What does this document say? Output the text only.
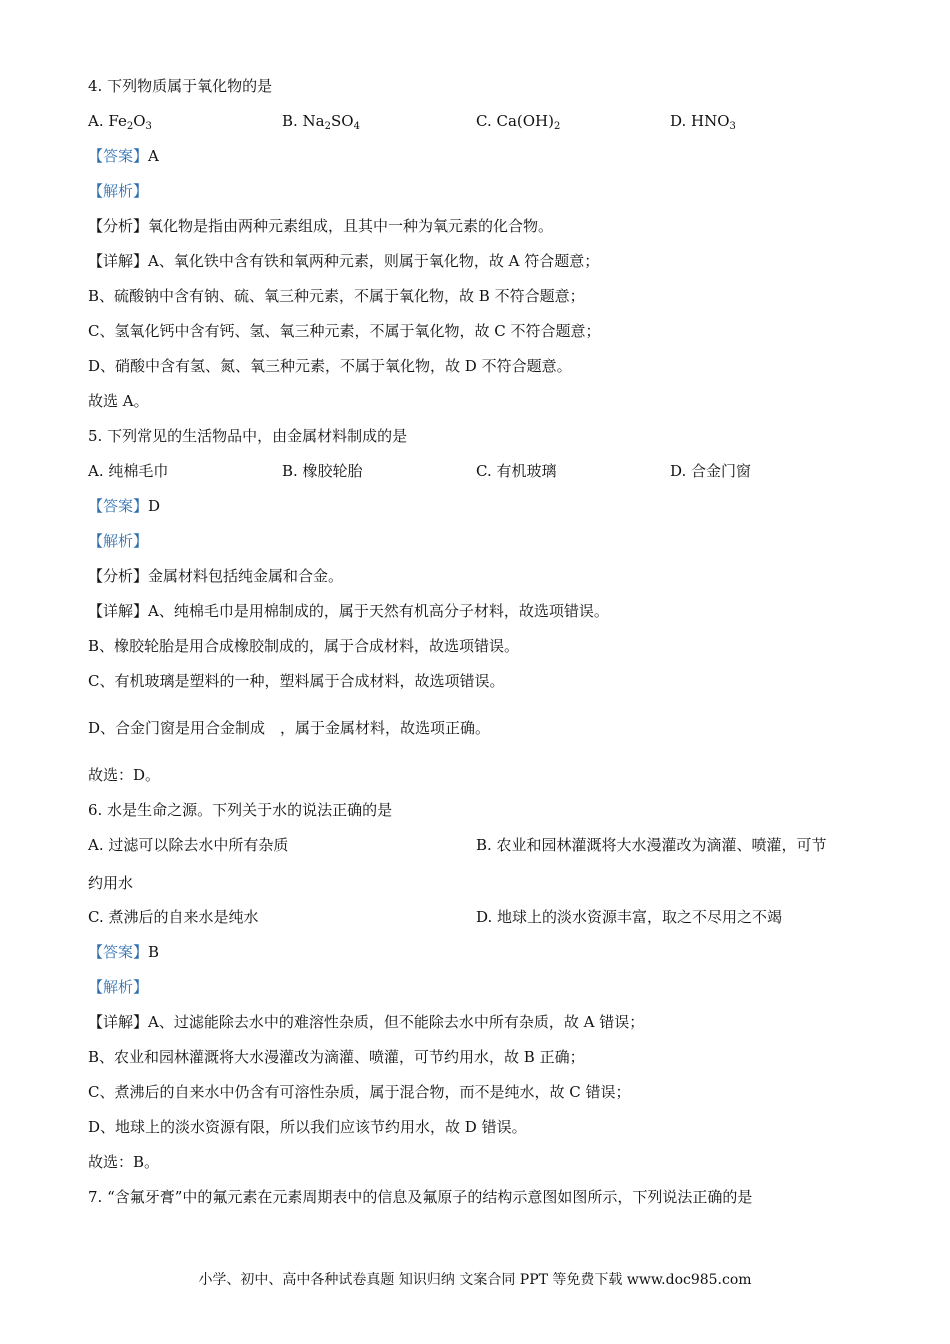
4. 下列物质属于氧化物的是
A. $Fe_2O_3$	B. $Na_2SO_4$	C. $Ca(OH)_2$	D. $HNO_3$
【答案】A
【解析】
【分析】氧化物是指由两种元素组成，且其中一种为氧元素的化合物。
【详解】A、氧化铁中含有铁和氧两种元素，则属于氧化物，故 A 符合题意；
B、硫酸钠中含有钠、硫、氧三种元素，不属于氧化物，故 B 不符合题意；
C、氢氧化钙中含有钙、氢、氧三种元素，不属于氧化物，故 C 不符合题意；
D、硝酸中含有氢、氮、氧三种元素，不属于氧化物，故 D 不符合题意。
故选 A。
5. 下列常见的生活物品中，由金属材料制成的是
A. 纯棉毛巾	B. 橡胶轮胎	C. 有机玻璃	D. 合金门窗
【答案】D
【解析】
【分析】金属材料包括纯金属和合金。
【详解】A、纯棉毛巾是用棉制成的，属于天然有机高分子材料，故选项错误。
B、橡胶轮胎是用合成橡胶制成的，属于合成材料，故选项错误。
C、有机玻璃是塑料的一种，塑料属于合成材料，故选项错误。
D、合金门窗是用合金制成　，属于金属材料，故选项正确。
故选：D。
6. 水是生命之源。下列关于水的说法正确的是
A. 过滤可以除去水中所有杂质	B. 农业和园林灌溉将大水漫灌改为滴灌、喷灌，可节
约用水
C. 煮沸后的自来水是纯水	D. 地球上的淡水资源丰富，取之不尽用之不竭
【答案】B
【解析】
【详解】A、过滤能除去水中的难溶性杂质，但不能除去水中所有杂质，故 A 错误；
B、农业和园林灌溉将大水漫灌改为滴灌、喷灌，可节约用水，故 B 正确；
C、煮沸后的自来水中仍含有可溶性杂质，属于混合物，而不是纯水，故 C 错误；
D、地球上的淡水资源有限，所以我们应该节约用水，故 D 错误。
故选：B。
7. “含氟牙膏”中的氟元素在元素周期表中的信息及氟原子的结构示意图如图所示，下列说法正确的是
小学、初中、高中各种试卷真题 知识归纳 文案合同 PPT 等免费下载 www.doc985.com
